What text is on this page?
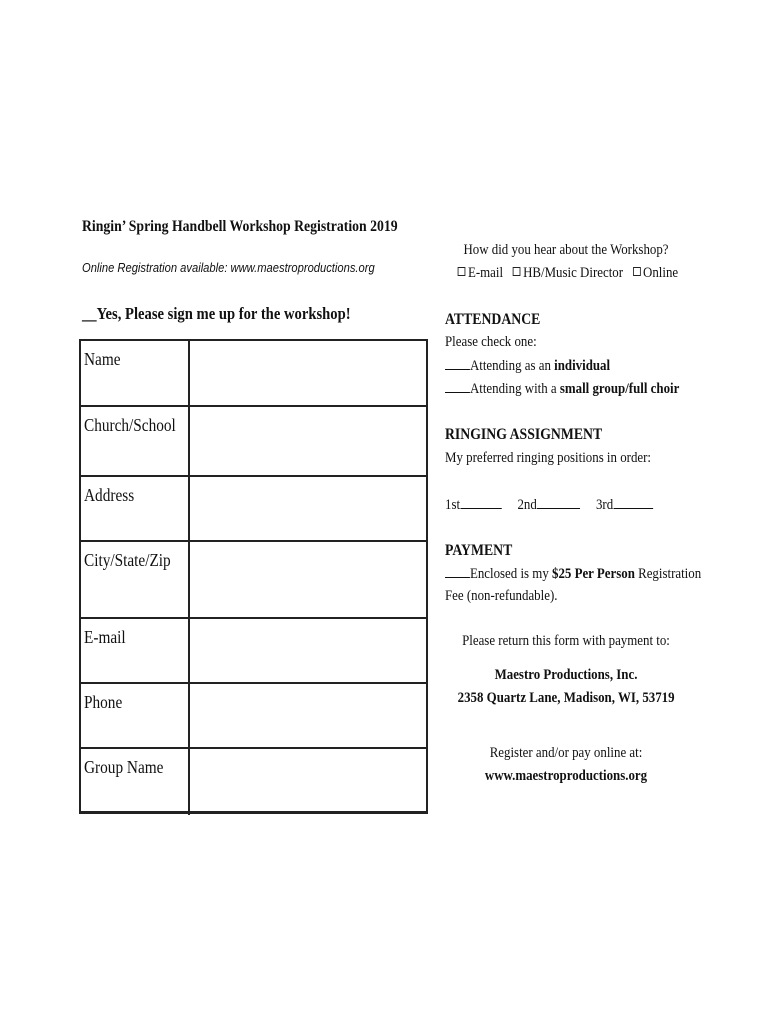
Ringin’ Spring Handbell Workshop Registration 2019
Online Registration available: www.maestroproductions.org
__Yes, Please sign me up for the workshop!
Name
Church/School
Address
City/State/Zip
E-mail
Phone
Group Name
How did you hear about the Workshop?
E-mail HB/Music Director Online
ATTENDANCE
Please check one:
Attending as an individual
Attending with a small group/full choir
RINGING ASSIGNMENT
My preferred ringing positions in order:
1st	2nd	3rd
PAYMENT
Enclosed is my $25 Per Person Registration
Fee (non-refundable).
Please return this form with payment to:
Maestro Productions, Inc.
2358 Quartz Lane, Madison, WI, 53719
Register and/or pay online at:
www.maestroproductions.org
